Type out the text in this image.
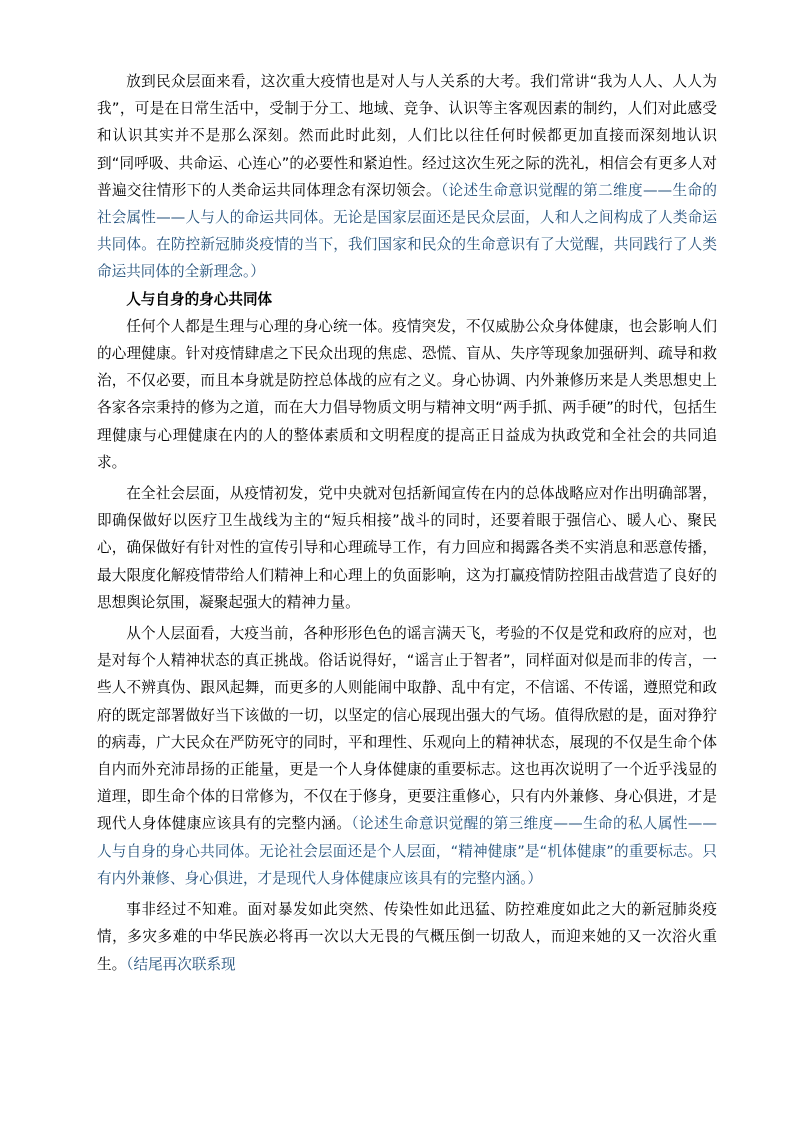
放到民众层面来看，这次重大疫情也是对人与人关系的大考。我们常讲“我为人人、人人为我”，可是在日常生活中，受制于分工、地域、竞争、认识等主客观因素的制约，人们对此感受和认识其实并不是那么深刻。然而此时此刻，人们比以往任何时候都更加直接而深刻地认识到“同呼吸、共命运、心连心”的必要性和紧迫性。经过这次生死之际的洗礼，相信会有更多人对普遍交往情形下的人类命运共同体理念有深切领会。（论述生命意识觉醒的第二维度——生命的社会属性——人与人的命运共同体。无论是国家层面还是民众层面，人和人之间构成了人类命运共同体。在防控新冠肺炎疫情的当下，我们国家和民众的生命意识有了大觉醒，共同践行了人类命运共同体的全新理念。）

人与自身的身心共同体

任何个人都是生理与心理的身心统一体。疫情突发，不仅威胁公众身体健康，也会影响人们的心理健康。针对疫情肆虐之下民众出现的焦虑、恐慌、盲从、失序等现象加强研判、疏导和救治，不仅必要，而且本身就是防控总体战的应有之义。身心协调、内外兼修历来是人类思想史上各家各宗秉持的修为之道，而在大力倡导物质文明与精神文明“两手抓、两手硬”的时代，包括生理健康与心理健康在内的人的整体素质和文明程度的提高正日益成为执政党和全社会的共同追求。

在全社会层面，从疫情初发，党中央就对包括新闻宣传在内的总体战略应对作出明确部署，即确保做好以医疗卫生战线为主的“短兵相接”战斗的同时，还要着眼于强信心、暖人心、聚民心，确保做好有针对性的宣传引导和心理疏导工作，有力回应和揭露各类不实消息和恶意传播，最大限度化解疫情带给人们精神上和心理上的负面影响，这为打赢疫情防控阻击战营造了良好的思想舆论氛围，凝聚起强大的精神力量。

从个人层面看，大疫当前，各种形形色色的谣言满天飞，考验的不仅是党和政府的应对，也是对每个人精神状态的真正挑战。俗话说得好，“谣言止于智者”，同样面对似是而非的传言，一些人不辨真伪、跟风起舞，而更多的人则能闹中取静、乱中有定，不信谣、不传谣，遵照党和政府的既定部署做好当下该做的一切，以坚定的信心展现出强大的气场。值得欣慰的是，面对狰狞的病毒，广大民众在严防死守的同时，平和理性、乐观向上的精神状态，展现的不仅是生命个体自内而外充沛昂扬的正能量，更是一个人身体健康的重要标志。这也再次说明了一个近乎浅显的道理，即生命个体的日常修为，不仅在于修身，更要注重修心，只有内外兼修、身心俱进，才是现代人身体健康应该具有的完整内涵。（论述生命意识觉醒的第三维度——生命的私人属性——人与自身的身心共同体。无论社会层面还是个人层面，“精神健康”是“机体健康”的重要标志。只有内外兼修、身心俱进，才是现代人身体健康应该具有的完整内涵。）

事非经过不知难。面对暴发如此突然、传染性如此迅猛、防控难度如此之大的新冠肺炎疫情，多灾多难的中华民族必将再一次以大无畏的气概压倒一切敌人，而迎来她的又一次浴火重生。（结尾再次联系现
